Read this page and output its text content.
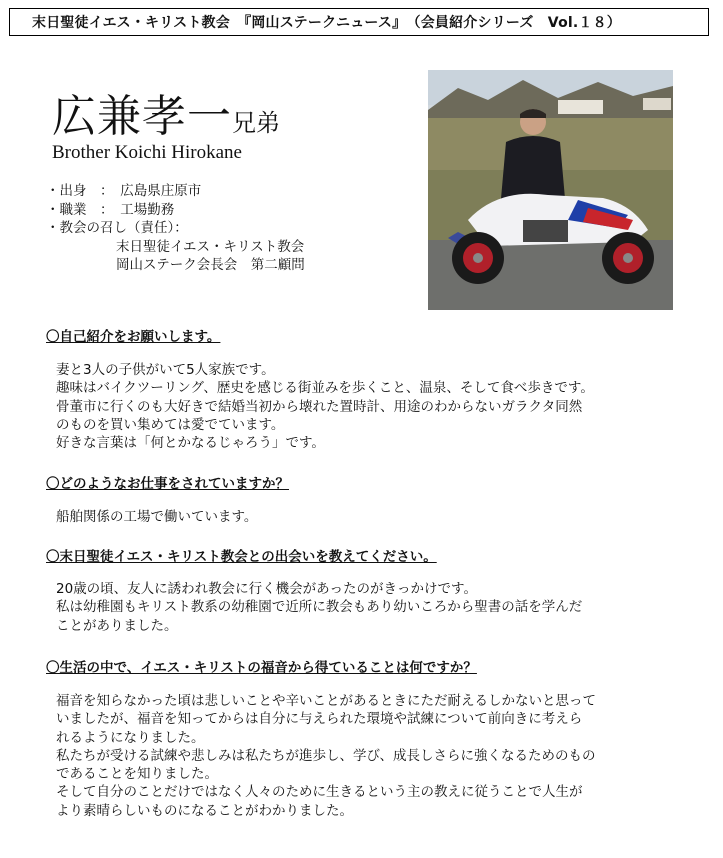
末日聖徒イエス・キリスト教会　『岡山ステークニュース』　（会員紹介シリーズ　Vol.１８）
広兼孝一兄弟
Brother Koichi Hirokane
・出身　：　広島県庄原市
・職業　：　工場勤務
・教会の召し（責任）：
末日聖徒イエス・キリスト教会
岡山ステーク会長会　第二顧問
〇自己紹介をお願いします。
妻と3人の子供がいて5人家族です。
趣味はバイクツーリング、歴史を感じる街並みを歩くこと、温泉、そして食べ歩きです。
骨董市に行くのも大好きで結婚当初から壊れた置時計、用途のわからないガラクタ同然
のものを買い集めては愛でています。
好きな言葉は「何とかなるじゃろう」です。
〇どのようなお仕事をされていますか？
船舶関係の工場で働いています。
〇末日聖徒イエス・キリスト教会との出会いを教えてください。
20歳の頃、友人に誘われ教会に行く機会があったのがきっかけです。
私は幼稚園もキリスト教系の幼稚園で近所に教会もあり幼いころから聖書の話を学んだ
ことがありました。
〇生活の中で、イエス・キリストの福音から得ていることは何ですか？
福音を知らなかった頃は悲しいことや辛いことがあるときにただ耐えるしかないと思って
いましたが、福音を知ってからは自分に与えられた環境や試練について前向きに考えら
れるようになりました。
私たちが受ける試練や悲しみは私たちが進歩し、学び、成長しさらに強くなるためのもの
であることを知りました。
そして自分のことだけではなく人々のために生きるという主の教えに従うことで人生が
より素晴らしいものになることがわかりました。
